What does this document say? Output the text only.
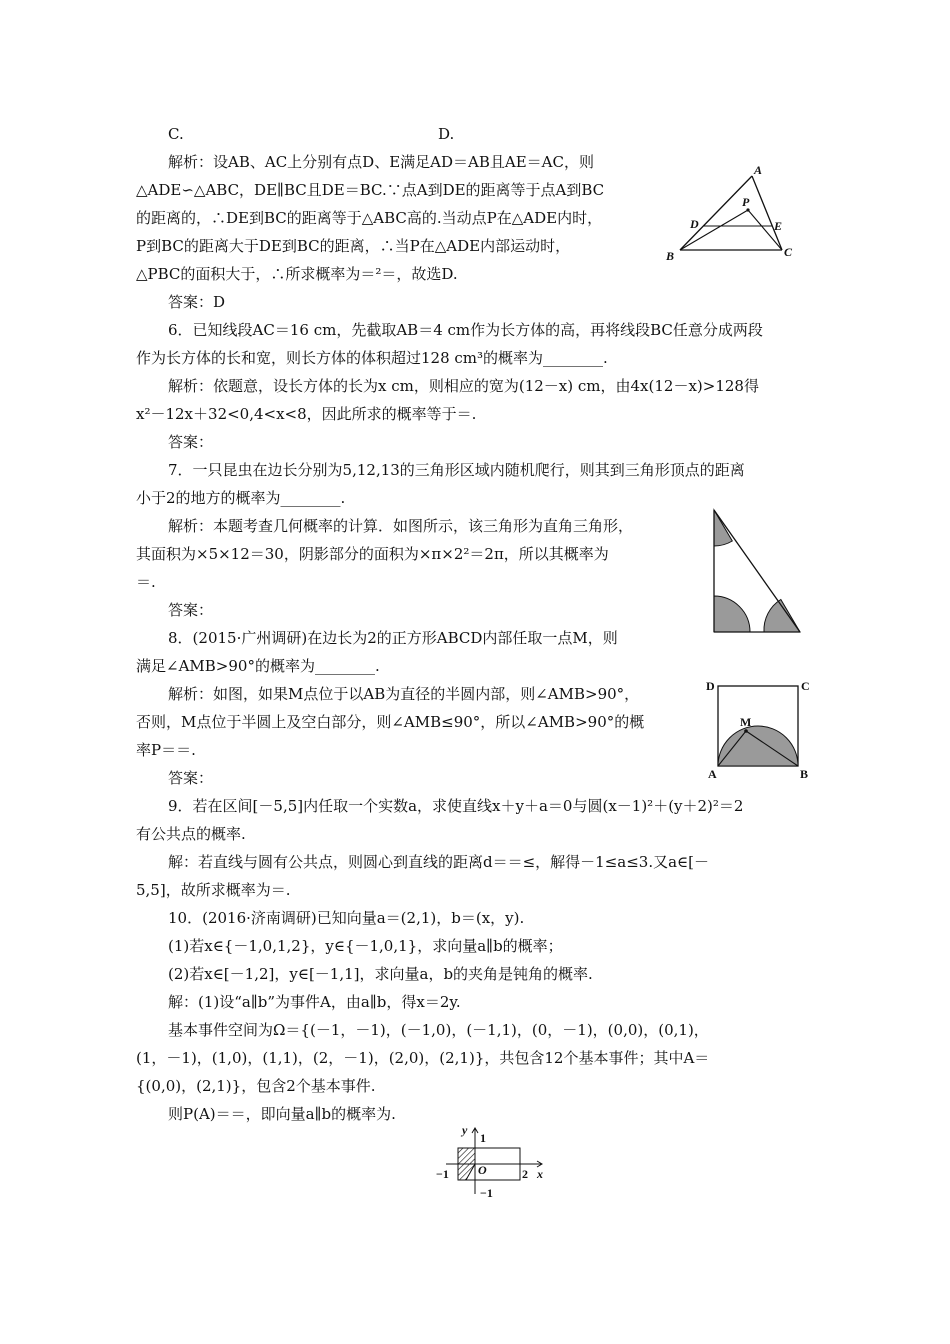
C.	D.
解析：设AB、AC上分别有点D、E满足AD＝AB且AE＝AC，则
△ADE∽△ABC，DE∥BC且DE＝BC.∵点A到DE的距离等于点A到BC
的距离的，∴DE到BC的距离等于△ABC高的.当动点P在△ADE内时，
P到BC的距离大于DE到BC的距离，∴当P在△ADE内部运动时，
△PBC的面积大于，∴所求概率为＝²＝，故选D.
答案：D
6．已知线段AC＝16 cm，先截取AB＝4 cm作为长方体的高，再将线段BC任意分成两段
作为长方体的长和宽，则长方体的体积超过128 cm³的概率为________.
解析：依题意，设长方体的长为x cm，则相应的宽为(12－x) cm，由4x(12－x)>128得
x²－12x＋32<0,4<x<8，因此所求的概率等于＝.
答案：
7．一只昆虫在边长分别为5,12,13的三角形区域内随机爬行，则其到三角形顶点的距离
小于2的地方的概率为________.
解析：本题考查几何概率的计算．如图所示，该三角形为直角三角形，
其面积为×5×12＝30，阴影部分的面积为×π×2²＝2π，所以其概率为
＝.
答案：
8．(2015·广州调研)在边长为2的正方形ABCD内部任取一点M，则
满足∠AMB>90°的概率为________.
解析：如图，如果M点位于以AB为直径的半圆内部，则∠AMB>90°，
否则，M点位于半圆上及空白部分，则∠AMB≤90°，所以∠AMB>90°的概
率P＝＝.
答案：
9．若在区间[－5,5]内任取一个实数a，求使直线x＋y＋a＝0与圆(x－1)²＋(y＋2)²＝2
有公共点的概率.
解：若直线与圆有公共点，则圆心到直线的距离d＝＝≤，解得－1≤a≤3.又a∈[－
5,5]，故所求概率为＝.
10．(2016·济南调研)已知向量a＝(2,1)，b＝(x，y).
(1)若x∈{－1,0,1,2}，y∈{－1,0,1}，求向量a∥b的概率；
(2)若x∈[－1,2]，y∈[－1,1]，求向量a，b的夹角是钝角的概率.
解：(1)设“a∥b”为事件A，由a∥b，得x＝2y.
基本事件空间为Ω＝{(－1，－1)，(－1,0)，(－1,1)，(0，－1)，(0,0)，(0,1)，
(1，－1)，(1,0)，(1,1)，(2，－1)，(2,0)，(2,1)}，共包含12个基本事件；其中A＝
{(0,0)，(2,1)}，包含2个基本事件.
则P(A)＝＝，即向量a∥b的概率为.
A
B	C
D	E
P
D	C
A	B
M
y
1
−1 O	2 x
−1
